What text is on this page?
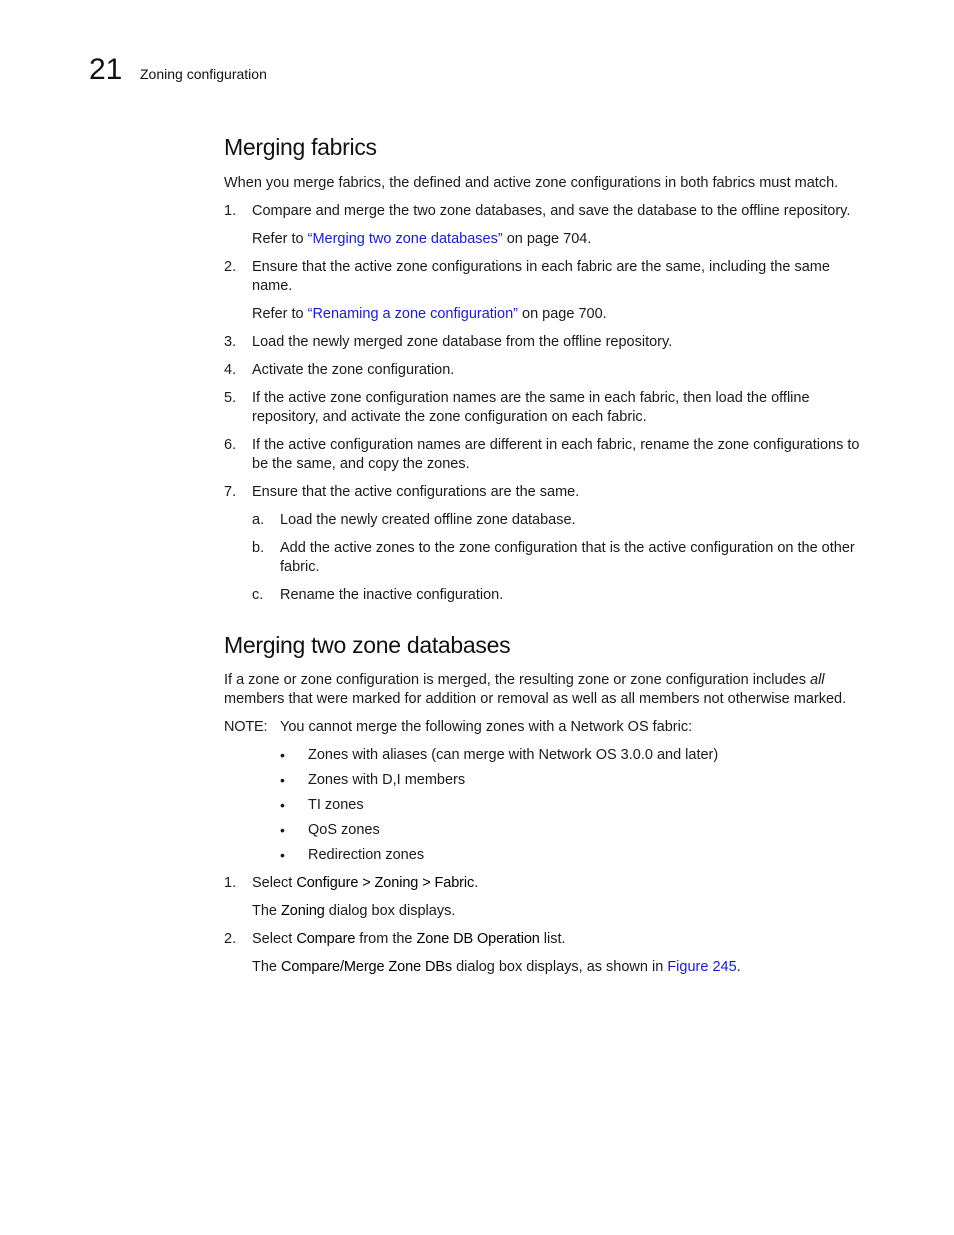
21 Zoning configuration
Merging fabrics

When you merge fabrics, the defined and active zone configurations in both fabrics must match.

1. Compare and merge the two zone databases, and save the database to the offline repository.
Refer to “Merging two zone databases” on page 704.
2. Ensure that the active zone configurations in each fabric are the same, including the same name.
Refer to “Renaming a zone configuration” on page 700.
3. Load the newly merged zone database from the offline repository.
4. Activate the zone configuration.
5. If the active zone configuration names are the same in each fabric, then load the offline repository, and activate the zone configuration on each fabric.
6. If the active configuration names are different in each fabric, rename the zone configurations to be the same, and copy the zones.
7. Ensure that the active configurations are the same.
a. Load the newly created offline zone database.
b. Add the active zones to the zone configuration that is the active configuration on the other fabric.
c. Rename the inactive configuration.
Merging two zone databases

If a zone or zone configuration is merged, the resulting zone or zone configuration includes all members that were marked for addition or removal as well as all members not otherwise marked.

NOTE: You cannot merge the following zones with a Network OS fabric:
• Zones with aliases (can merge with Network OS 3.0.0 and later)
• Zones with D,I members
• TI zones
• QoS zones
• Redirection zones
1. Select Configure > Zoning > Fabric.
The Zoning dialog box displays.
2. Select Compare from the Zone DB Operation list.
The Compare/Merge Zone DBs dialog box displays, as shown in Figure 245.
